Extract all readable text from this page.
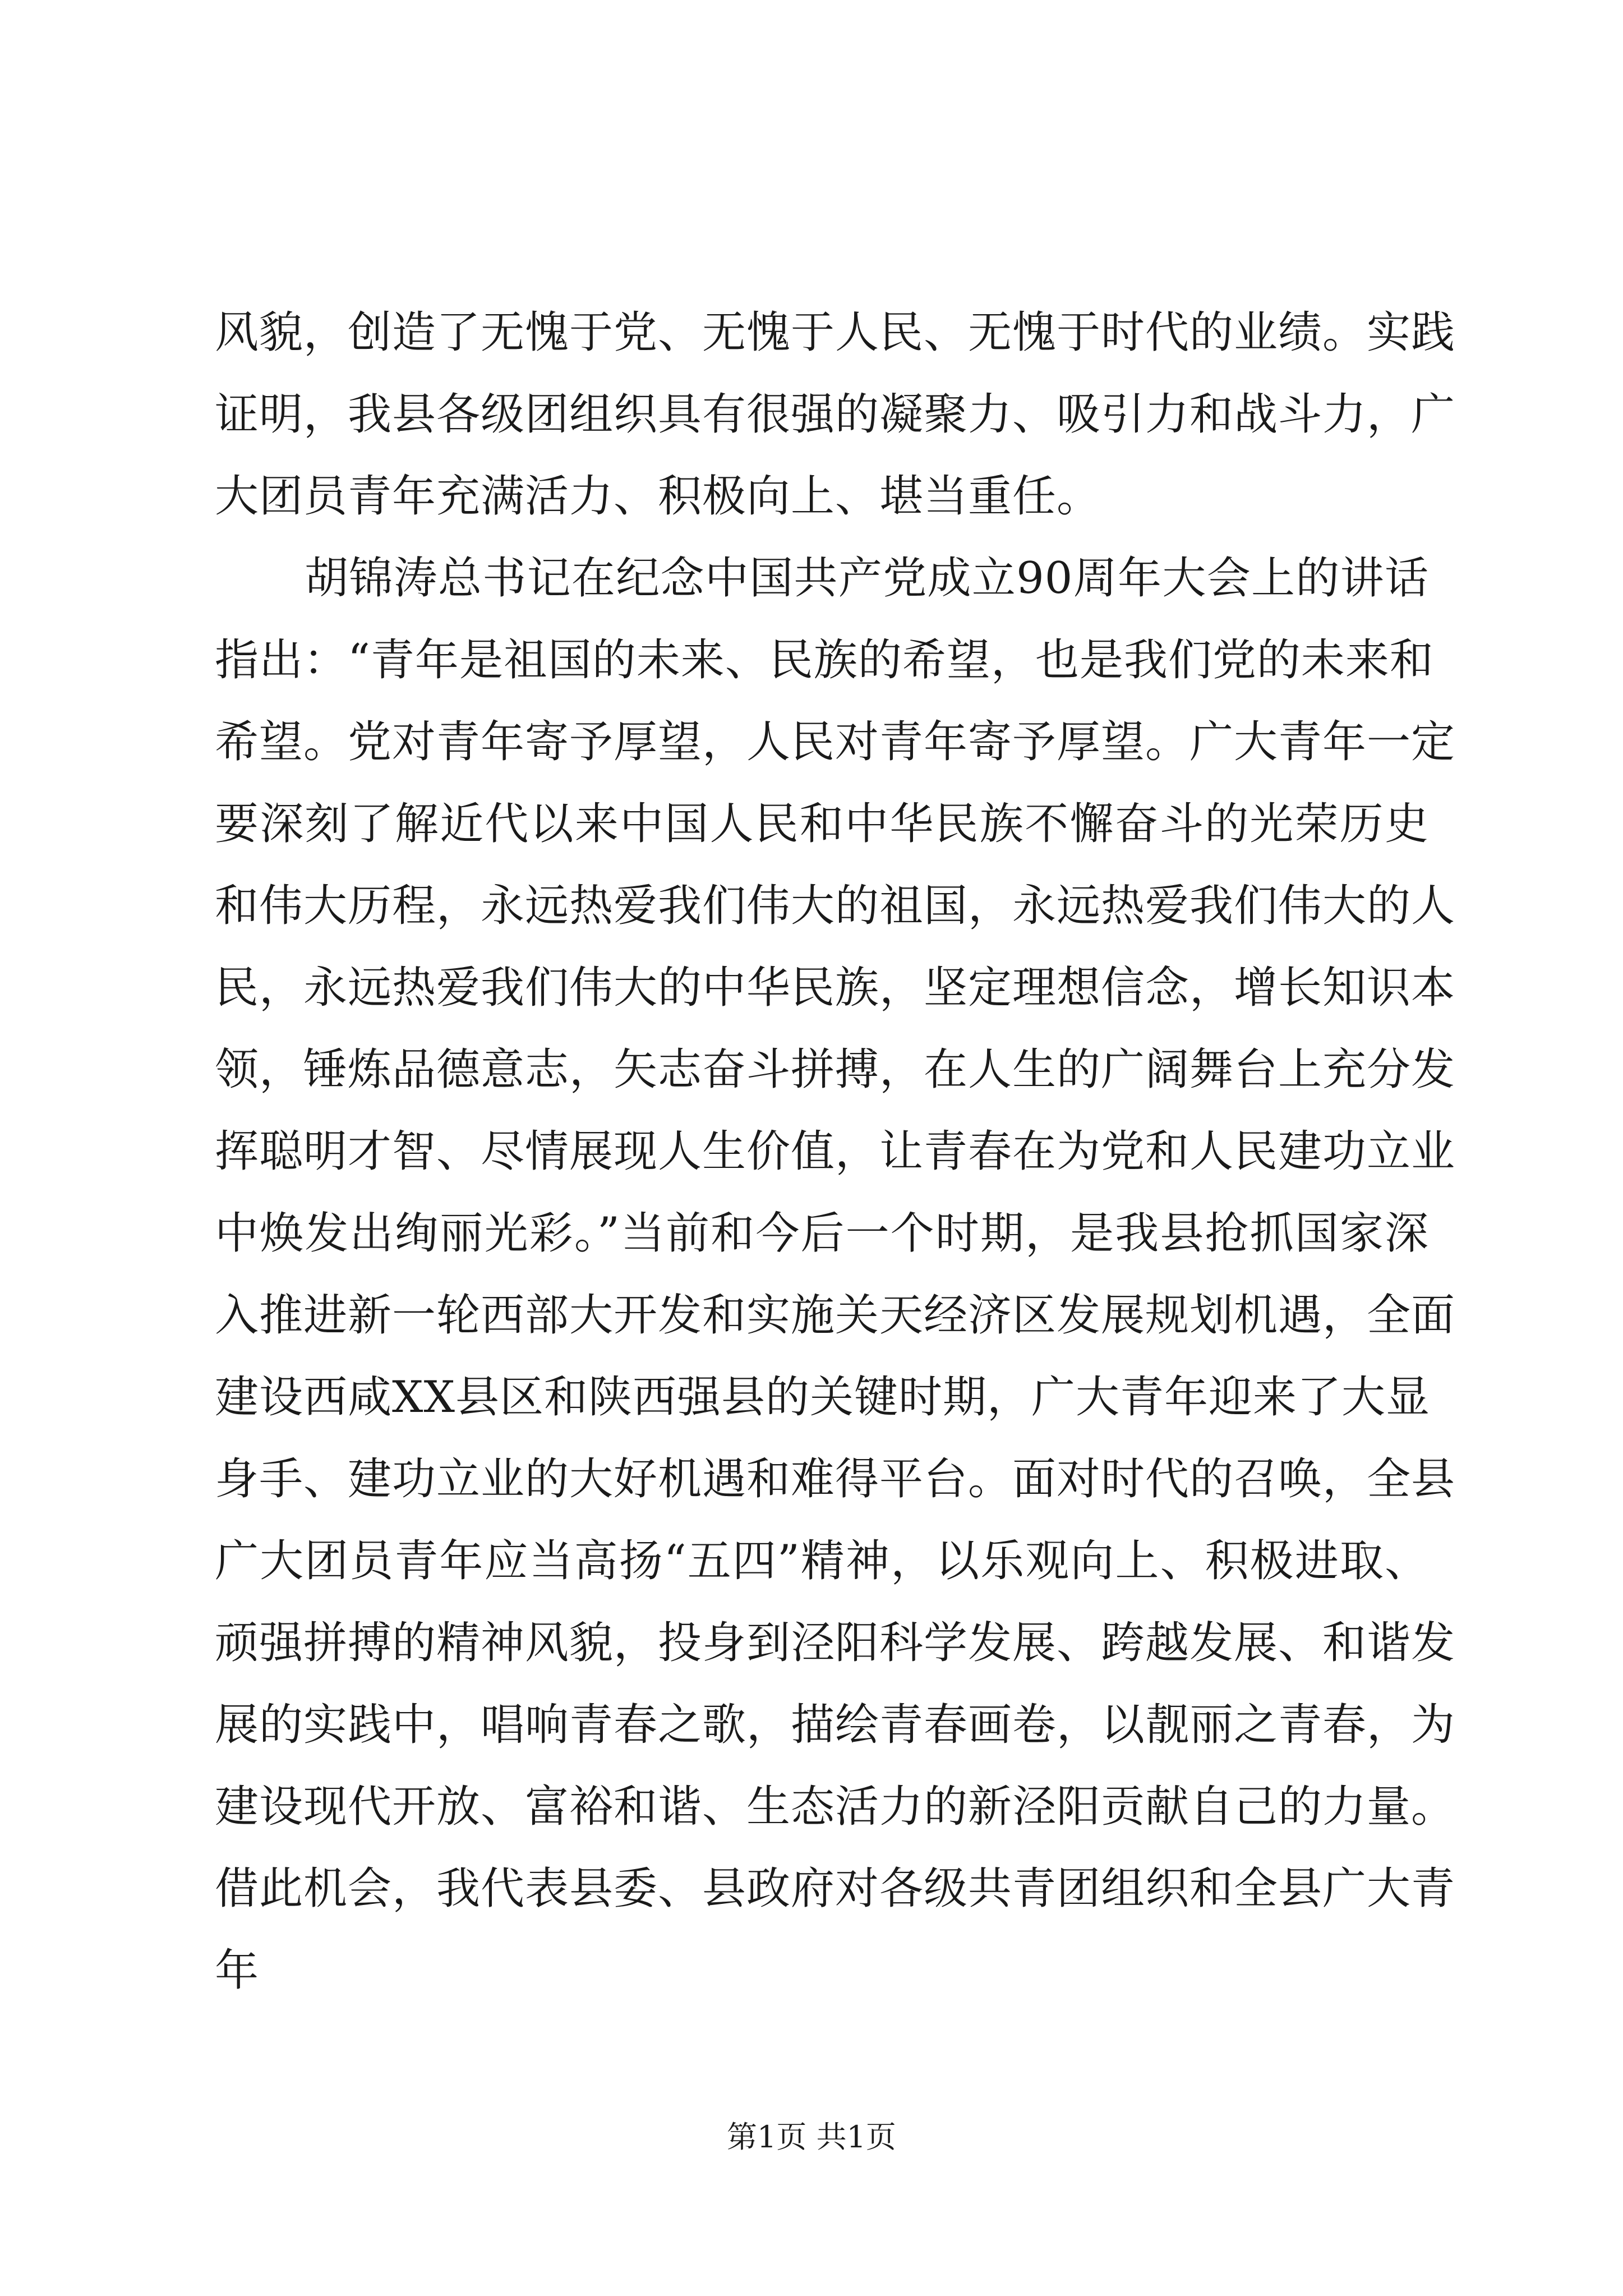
风貌，创造了无愧于党、无愧于人民、无愧于时代的业绩。实践
证明，我县各级团组织具有很强的凝聚力、吸引力和战斗力，广
大团员青年充满活力、积极向上、堪当重任。
胡锦涛总书记在纪念中国共产党成立90周年大会上的讲话
指出：“青年是祖国的未来、民族的希望，也是我们党的未来和
希望。党对青年寄予厚望，人民对青年寄予厚望。广大青年一定
要深刻了解近代以来中国人民和中华民族不懈奋斗的光荣历史
和伟大历程，永远热爱我们伟大的祖国，永远热爱我们伟大的人
民，永远热爱我们伟大的中华民族，坚定理想信念，增长知识本
领，锤炼品德意志，矢志奋斗拼搏，在人生的广阔舞台上充分发
挥聪明才智、尽情展现人生价值，让青春在为党和人民建功立业
中焕发出绚丽光彩。”当前和今后一个时期，是我县抢抓国家深
入推进新一轮西部大开发和实施关天经济区发展规划机遇，全面
建设西咸XX县区和陕西强县的关键时期，广大青年迎来了大显
身手、建功立业的大好机遇和难得平台。面对时代的召唤，全县
广大团员青年应当高扬“五四”精神，以乐观向上、积极进取、
顽强拼搏的精神风貌，投身到泾阳科学发展、跨越发展、和谐发
展的实践中，唱响青春之歌，描绘青春画卷，以靓丽之青春，为
建设现代开放、富裕和谐、生态活力的新泾阳贡献自己的力量。
借此机会，我代表县委、县政府对各级共青团组织和全县广大青
年
第1页 共1页
